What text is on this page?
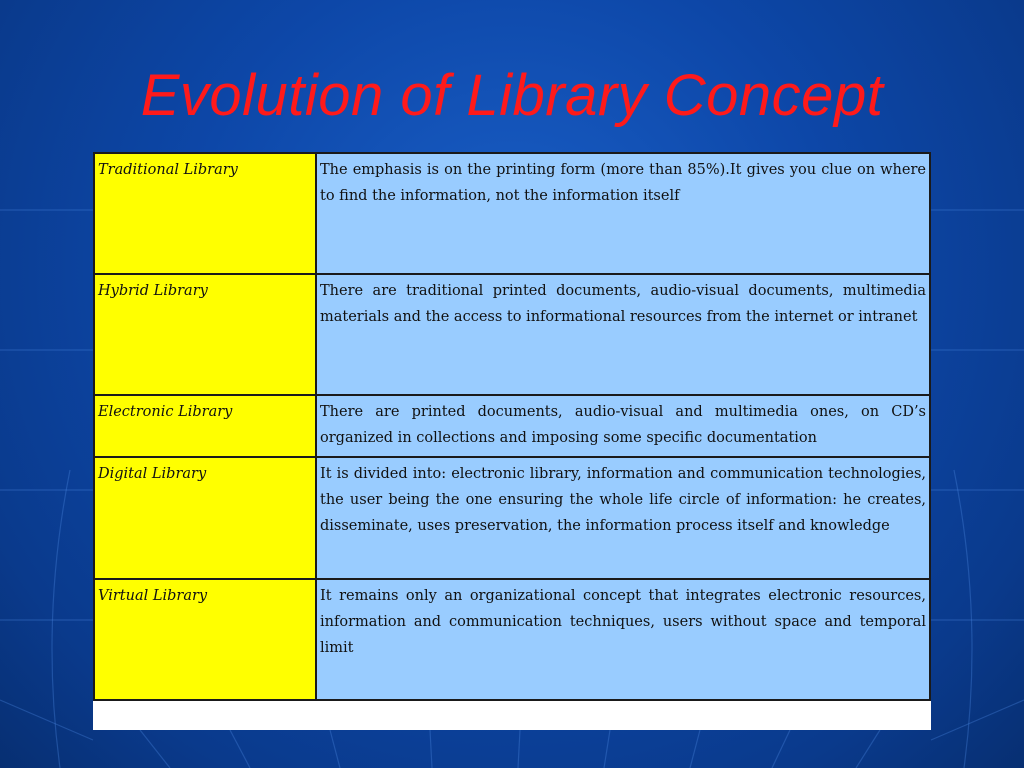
Evolution of Library Concept
Traditional Library	The emphasis is on the printing form (more than 85%).It gives you clue on where to find the information, not the information itself
Hybrid Library	There are traditional printed documents, audio-visual documents, multimedia materials and the access to informational resources from the internet or intranet
Electronic Library	There are printed documents, audio-visual and multimedia ones, on CD’s organized in collections and imposing some specific documentation
Digital Library	It is divided into: electronic library, information and communication technologies, the user being the one ensuring the whole life circle of information: he creates, disseminate, uses preservation, the information process itself and knowledge
Virtual Library	It remains only an organizational concept that integrates electronic resources, information and communication techniques, users without space and temporal limit
